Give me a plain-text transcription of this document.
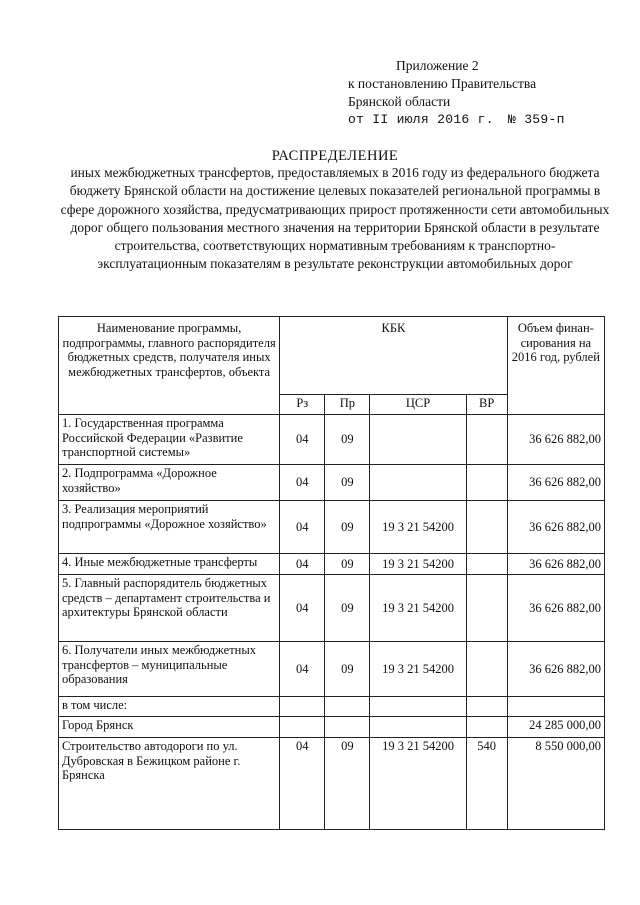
Приложение 2
к постановлению Правительства
Брянской области
от II июля 2016 г. № 359-п
РАСПРЕДЕЛЕНИЕ
иных межбюджетных трансфертов, предоставляемых в 2016 году из федерального бюджета бюджету Брянской области на достижение целевых показателей региональной программы в сфере дорожного хозяйства, предусматривающих прирост протяженности сети автомобильных дорог общего пользования местного значения на территории Брянской области в результате строительства, соответствующих нормативным требованиям к транспортно-эксплуатационным показателям в результате реконструкции автомобильных дорог
Наименование программы, подпрограммы, главного распорядителя бюджетных средств, получателя иных межбюджетных трансфертов, объекта	КБК				Объем финан- сирования на 2016 год, рублей
	Рз	Пр	ЦСР	ВР	
1. Государственная программа Российской Федерации «Развитие транспортной системы»	04	09			36 626 882,00
2. Подпрограмма «Дорожное хозяйство»	04	09			36 626 882,00
3. Реализация мероприятий подпрограммы «Дорожное хозяйство»	04	09	19 3 21 54200		36 626 882,00
4. Иные межбюджетные трансферты	04	09	19 3 21 54200		36 626 882,00
5. Главный распорядитель бюджетных средств – департамент строительства и архитектуры Брянской области	04	09	19 3 21 54200		36 626 882,00
6. Получатели иных межбюджетных трансфертов – муниципальные образования	04	09	19 3 21 54200		36 626 882,00
в том числе:					
Город Брянск					24 285 000,00
Строительство автодороги по ул. Дубровская в Бежицком районе г. Брянска	04	09	19 3 21 54200	540	8 550 000,00
